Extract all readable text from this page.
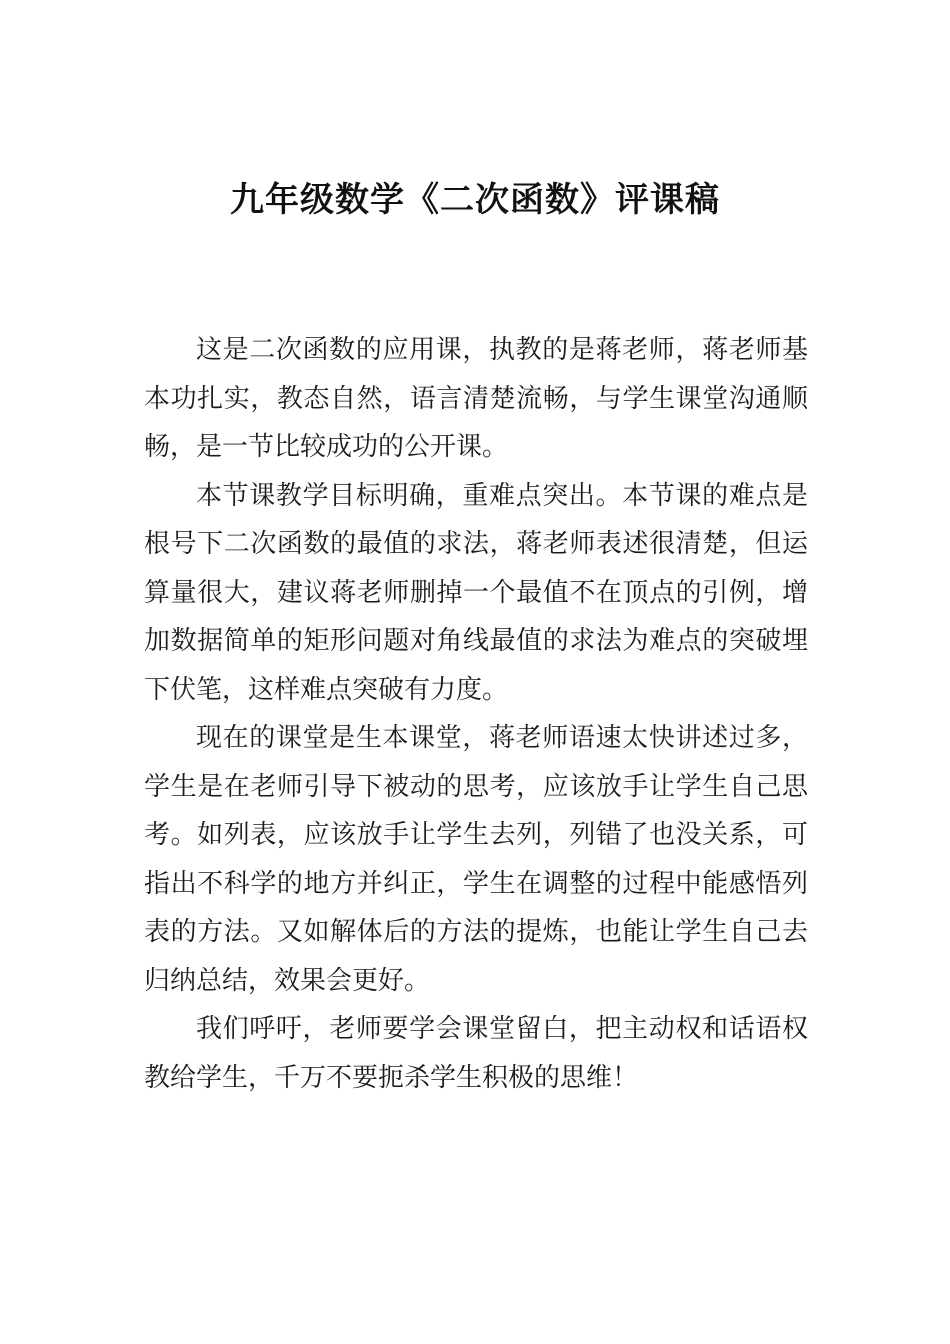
九年级数学《二次函数》评课稿

这是二次函数的应用课，执教的是蒋老师，蒋老师基本功扎实，教态自然，语言清楚流畅，与学生课堂沟通顺畅，是一节比较成功的公开课。

本节课教学目标明确，重难点突出。本节课的难点是根号下二次函数的最值的求法，蒋老师表述很清楚，但运算量很大，建议蒋老师删掉一个最值不在顶点的引例，增加数据简单的矩形问题对角线最值的求法为难点的突破埋下伏笔，这样难点突破有力度。

现在的课堂是生本课堂，蒋老师语速太快讲述过多，学生是在老师引导下被动的思考，应该放手让学生自己思考。如列表，应该放手让学生去列，列错了也没关系，可指出不科学的地方并纠正，学生在调整的过程中能感悟列表的方法。又如解体后的方法的提炼，也能让学生自己去归纳总结，效果会更好。

我们呼吁，老师要学会课堂留白，把主动权和话语权教给学生，千万不要扼杀学生积极的思维！
